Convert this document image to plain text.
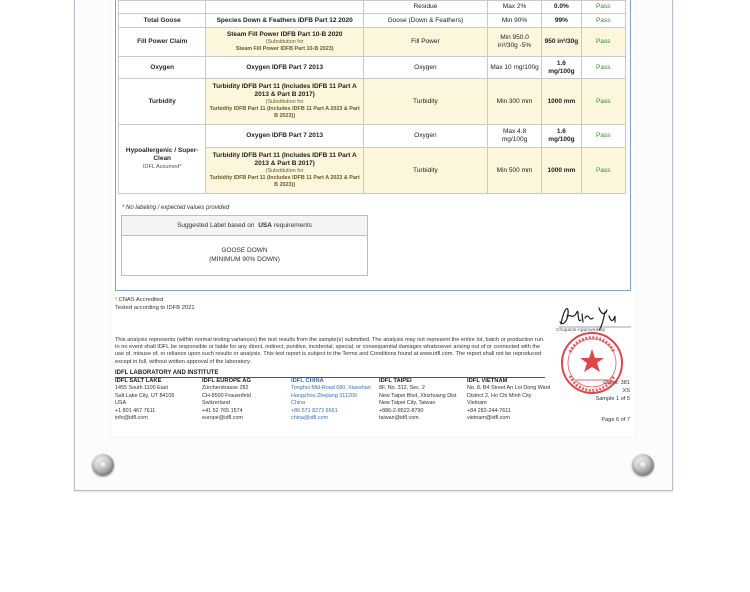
		Residue	Max 2%	0.0%	Pass
Total Goose	Species Down & Feathers IDFB Part 12 2020	Goose (Down & Feathers)	Min 90%	99%	Pass
Fill Power Claim	Steam Fill Power IDFB Part 10-B 2020
(Substitution for
Steam Fill Power IDFB Part 10-B 2023)	Fill Power	Min 950.0 in³/30g -5%	950 in³/30g	Pass
Oxygen	Oxygen IDFB Part 7 2013	Oxygen	Max 10 mg/100g	1.6 mg/100g	Pass
Turbidity	Turbidity IDFB Part 11 (Includes IDFB 11 Part A 2013 & Part B 2017)
(Substitution for
Turbidity IDFB Part 11 (Includes IDFB 11 Part A 2023 & Part B 2023))	Turbidity	Min 300 mm	1000 mm	Pass
Hypoallergenic / Super-Clean
IDFL Assumed*	Oxygen IDFB Part 7 2013	Oxygen	Max 4.8 mg/100g	1.6 mg/100g	Pass
	Turbidity IDFB Part 11 (Includes IDFB 11 Part A 2013 & Part B 2017)
(Substitution for
Turbidity IDFB Part 11 (Includes IDFB 11 Part A 2023 & Part B 2023))	Turbidity	Min 500 mm	1000 mm	Pass
* No labeling / expected values provided
Suggested Label based on
USA requirements
GOOSE DOWN
(MINIMUM 90% DOWN)
¹ CNAS Accredited
Tested according to IDFB 2021
Chopacte Approved By
This analysis represents (within normal testing variances) the test results from the sample(s) submitted. The analysis may not represent the entire lot, batch or production run. In no event shall IDFL be responsible or liable for any direct, indirect, punitive, incidental, special, or consequential damages whatsoever arising out of or connected with the use of, misuse of, or reliance upon such results or analysis. This test report is subject to the Terms and Conditions found at www.idfl.com. The report shall not be reproduced except in full, without written approval of the laboratory.
IDFL LABORATORY AND INSTITUTE
IDFL SALT LAKE
1455 South 1100 East
Salt Lake City, UT 84105
USA
+1 801 467 7611
info@idfl.com
IDFL EUROPE AG
Zürcherstrasse 282
CH-8500 Frauenfeld
Switzerland
+41 52 765 1574
europe@idfl.com
IDFL CHINA
Tonghui Mid-Road 680, Xiaoshan
Hangzhou Zhejiang 311200
China
+86 571 8273 6561
china@idfl.com
IDFL TAIPEI
8F, No. 312, Sec. 2
New Taipei Blvd, Xinzhuang Dist
New Taipei City, Taiwan
+886-2-8522-8790
taiwan@idfl.com
IDFL VIETNAM
No. 8, B4 Street An Loi Dong Ward
District 2, Ho Chi Minh City
Vietnam
+84 282-244-7611
vietnam@idfl.com
Client: 381
XS
Sample 1 of 5
Page 6 of 7
